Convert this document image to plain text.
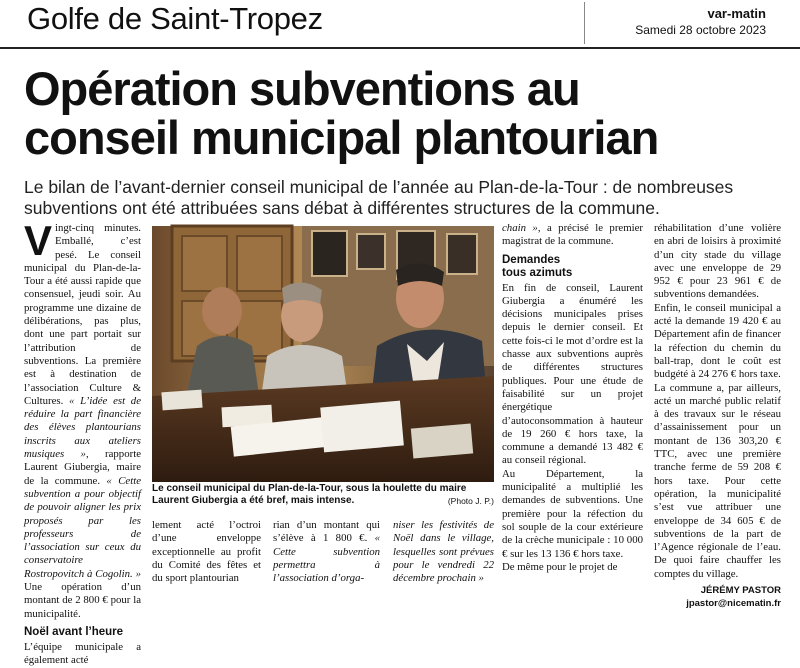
Golfe de Saint-Tropez	var-matin
Samedi 28 octobre 2023
Opération subventions au
conseil municipal plantourian

Le bilan de l’avant-dernier conseil municipal de l’année au Plan-de-la-Tour : de nombreuses
subventions ont été attribuées sans débat à différentes structures de la commune.

Vingt-cinq minutes. Emballé, c’est pesé. Le conseil municipal du Plan-de-la-Tour a été aussi rapide que consensuel, jeudi soir. Au programme une dizaine de délibérations, pas plus, dont une part portait sur l’attribution de subventions. La première est à destination de l’association Culture & Cultures. « L’idée est de réduire la part financière des élèves plantourians inscrits aux ateliers musiques », rapporte Laurent Giubergia, maire de la commune. « Cette subvention a pour objectif de pouvoir aligner les prix proposés par les professeurs de l’association sur ceux du conservatoire Rostropovitch à Cogolin. » Une opération d’un montant de 2 800 € pour la municipalité.

Noël avant l’heure

L’équipe municipale a également acté

Le conseil municipal du Plan-de-la-Tour, sous la houlette du maire Laurent Giubergia a été bref, mais intense.	(Photo J. P.)

lement acté l’octroi d’une enveloppe exceptionnelle au profit du Comité des fêtes et du sport plantourian

rian d’un montant qui s’élève à 1 800 €. « Cette subvention permettra à l’association d’orga-

niser les festivités de Noël dans le village, lesquelles sont prévues pour le vendredi 22 décembre prochain »

chain », a précisé le premier magistrat de la commune.

Demandes
tous azimuts

En fin de conseil, Laurent Giubergia a énuméré les décisions municipales prises depuis le dernier conseil. Et cette fois-ci le mot d’ordre est la chasse aux subventions auprès de différentes structures publiques. Pour une étude de faisabilité sur un projet énergétique d’autoconsommation à hauteur de 19 260 € hors taxe, la commune a demandé 13 482 € au conseil régional.

Au Département, la municipalité a multiplié les demandes de subventions. Une première pour la réfection du sol souple de la cour extérieure de la crèche municipale : 10 000 € sur les 13 136 € hors taxe.

De même pour le projet de

réhabilitation d’une volière en abri de loisirs à proximité d’un city stade du village avec une enveloppe de 29 952 € pour 23 961 € de subventions demandées.

Enfin, le conseil municipal a acté la demande 19 420 € au Département afin de financer la réfection du chemin du ball-trap, dont le coût est budgété à 24 276 € hors taxe.

La commune a, par ailleurs, acté un marché public relatif à des travaux sur le réseau d’assainissement pour un montant de 136 303,20 € TTC, avec une première tranche ferme de 59 208 € hors taxe. Pour cette opération, la municipalité s’est vue attribuer une enveloppe de 34 605 € de subventions de la part de l’Agence régionale de l’eau. De quoi faire chauffer les comptes du village.

JÉRÉMY PASTOR
jpastor@nicematin.fr
